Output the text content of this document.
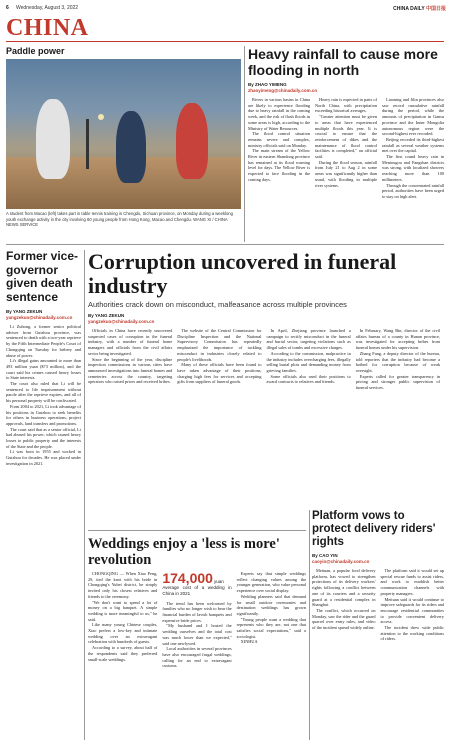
6 Wednesday, August 3, 2022	CHINA DAILY 中国日报
CHINA
Paddle power
A student from Macao (left) takes part in table tennis training in Chengdu, Sichuan province, on Monday during a weeklong youth exchange activity in the city involving 60 young people from Hong Kong, Macao and Chengdu. WANG XI / CHINA NEWS SERVICE
Heavy rainfall to cause more flooding in north
By ZHAO YIMENG
zhaoyimeng@chinadaily.com.cn

Rivers in various basins in China are likely to experience flooding due to heavy rainfall in the coming week, and the risk of flash floods in some areas is high, according to the Ministry of Water Resources.

The flood control situation remains severe and complex, ministry officials said on Monday.

The main stream of the Yellow River in eastern Shandong province has remained at its flood warning level for days. The Yellow River is expected to face flooding in the coming days.

Heavy rain is expected in parts of North China, with precipitation exceeding historical averages.

"Greater attention must be given to areas that have experienced multiple floods this year. It is crucial to ensure that the reinforcement of dikes and the maintenance of flood control facilities is completed," an official said.

During the flood season, rainfall from July 21 to Aug 2 in some areas was significantly higher than usual, with flooding in multiple river systems.

Liaoning and Jilin provinces also saw record cumulative rainfall during the period, while the amounts of precipitation in Gansu province and the Inner Mongolia autonomous region were the second-highest ever recorded.

Beijing recorded its third-highest rainfall as several weather systems met over the capital.

The first round heavy rain in Mentougou and Fangshan districts was strong, with localized showers reaching more than 100 millimeters.

Through the concentrated rainfall period, authorities have been urged to stay on high alert.

Former vice-governor given death sentence
By YANG ZEKUN
yangzekun@chinadaily.com.cn

Li Zuhong, a former senior political adviser from Guizhou province, was sentenced to death with a two-year reprieve by the Fifth Intermediate People's Court of Chongqing on Tuesday for bribery and abuse of power.

Li's illegal gains amounted to more than 493 million yuan ($73 million), and the court said his crimes caused heavy losses to State interests.

The court also ruled that Li will be sentenced to life imprisonment without parole after the reprieve expires, and all of his personal property will be confiscated.

From 2004 to 2021, Li took advantage of his positions in Guizhou to seek benefits for others in business operations, project approvals, land transfers and promotions.

The court said that as a senior official, Li had abused his power, which caused heavy losses to public property and the interests of the State and the people.

Li was born in 1955 and worked in Guizhou for decades. He was placed under investigation in 2021.

Corruption uncovered in funeral industry
Authorities crack down on misconduct, malfeasance across multiple provinces
By YANG ZEKUN
yangzekun@chinadaily.com.cn

Officials in China have recently uncovered suspected cases of corruption in the funeral industry, with a number of funeral home managers and officials from the civil affairs sector being investigated.

Since the beginning of the year, discipline inspection commissions in various cities have announced investigations into funeral homes and cemeteries across the country, targeting operators who raised prices and received bribes.

The website of the Central Commission for Discipline Inspection and the National Supervisory Commission has repeatedly emphasized the importance of tackling misconduct in industries closely related to people's livelihoods.

Many of these officials have been found to have taken advantage of their positions, charging high fees for services and accepting gifts from suppliers of funeral goods.

In April, Zhejiang province launched a campaign to rectify misconduct in the funeral and burial sector, targeting violations such as illegal sales of tombs and excessive charges.

According to the commission, malpractice in the industry includes overcharging fees, illegally selling burial plots and demanding money from grieving families.

Some officials also used their positions to award contracts to relatives and friends.

In February, Wang Bin, director of the civil affairs bureau of a county in Hunan province, was investigated for accepting bribes from funeral homes under his supervision.

Zhang Fang, a deputy director of the bureau, told reporters that the industry had become a hotbed for corruption because of weak oversight.

Experts called for greater transparency in pricing and stronger public supervision of funeral services.

Weddings enjoy a 'less is more' revolution

CHONGQING — When Xiao Peng, 29, tied the knot with his bride in Chongqing's Yubei district, he simply invited only his closest relatives and friends to the ceremony.

"We don't want to spend a lot of money on a big banquet. A simple wedding is more meaningful to us," he said.

Like many young Chinese couples, Xiao prefers a low-key and intimate wedding over an extravagant celebration with hundreds of guests.

According to a survey, about half of the respondents said they preferred small-scale weddings.

174,000 yuan
Average cost of a wedding in China in 2021

The trend has been welcomed by families who no longer wish to bear the financial burden of lavish banquets and expensive bride prices.

"My husband and I hosted the wedding ourselves and the total cost was much lower than we expected," said one newlywed.

Local authorities in several provinces have also encouraged frugal weddings, calling for an end to extravagant customs.

Experts say that simple weddings reflect changing values among the younger generation, who value personal experience over social display.

Wedding planners said that demand for small outdoor ceremonies and destination weddings has grown significantly.

"Young people want a wedding that represents who they are, not one that satisfies social expectations," said a sociologist.

XINHUA

Platform vows to protect delivery riders' rights
By CAO YIN
caoyin@chinadaily.com.cn

Meituan, a popular food delivery platform, has vowed to strengthen protections of its delivery workers' rights following a conflict between one of its couriers and a security guard at a residential complex in Shanghai.

The conflict, which occurred on Monday, saw the rider and the guard quarrel over entry rules, and video of the incident spread widely online.

The platform said it would set up special rescue funds to assist riders, and work to establish better communication channels with property managers.

Meituan said it would continue to improve safeguards for its riders and encourage residential communities to provide convenient delivery access.

The incident drew wide public attention to the working conditions of riders.
